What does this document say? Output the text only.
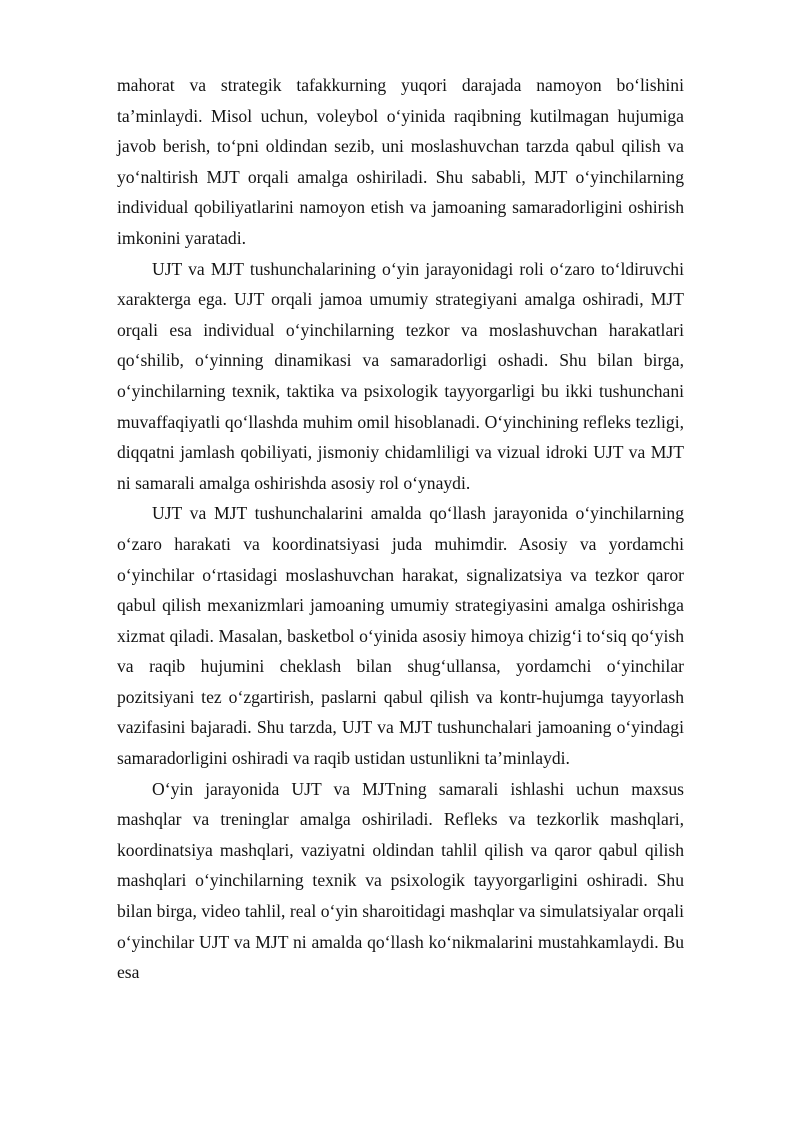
mahorat va strategik tafakkurning yuqori darajada namoyon bo‘lishini ta’minlaydi. Misol uchun, voleybol o‘yinida raqibning kutilmagan hujumiga javob berish, to‘pni oldindan sezib, uni moslashuvchan tarzda qabul qilish va yo‘naltirish MJT orqali amalga oshiriladi. Shu sababli, MJT o‘yinchilarning individual qobiliyatlarini namoyon etish va jamoaning samaradorligini oshirish imkonini yaratadi.

UJT va MJT tushunchalarining o‘yin jarayonidagi roli o‘zaro to‘ldiruvchi xarakterga ega. UJT orqali jamoa umumiy strategiyani amalga oshiradi, MJT orqali esa individual o‘yinchilarning tezkor va moslashuvchan harakatlari qo‘shilib, o‘yinning dinamikasi va samaradorligi oshadi. Shu bilan birga, o‘yinchilarning texnik, taktika va psixologik tayyorgarligi bu ikki tushunchani muvaffaqiyatli qo‘llashda muhim omil hisoblanadi. O‘yinchining refleks tezligi, diqqatni jamlash qobiliyati, jismoniy chidamliligi va vizual idroki UJT va MJT ni samarali amalga oshirishda asosiy rol o‘ynaydi.

UJT va MJT tushunchalarini amalda qo‘llash jarayonida o‘yinchilarning o‘zaro harakati va koordinatsiyasi juda muhimdir. Asosiy va yordamchi o‘yinchilar o‘rtasidagi moslashuvchan harakat, signalizatsiya va tezkor qaror qabul qilish mexanizmlari jamoaning umumiy strategiyasini amalga oshirishga xizmat qiladi. Masalan, basketbol o‘yinida asosiy himoya chizig‘i to‘siq qo‘yish va raqib hujumini cheklash bilan shug‘ullansa, yordamchi o‘yinchilar pozitsiyani tez o‘zgartirish, paslarni qabul qilish va kontr-hujumga tayyorlash vazifasini bajaradi. Shu tarzda, UJT va MJT tushunchalari jamoaning o‘yindagi samaradorligini oshiradi va raqib ustidan ustunlikni ta’minlaydi.

O‘yin jarayonida UJT va MJTning samarali ishlashi uchun maxsus mashqlar va treninglar amalga oshiriladi. Refleks va tezkorlik mashqlari, koordinatsiya mashqlari, vaziyatni oldindan tahlil qilish va qaror qabul qilish mashqlari o‘yinchilarning texnik va psixologik tayyorgarligini oshiradi. Shu bilan birga, video tahlil, real o‘yin sharoitidagi mashqlar va simulatsiyalar orqali o‘yinchilar UJT va MJT ni amalda qo‘llash ko‘nikmalarini mustahkamlaydi. Bu esa
